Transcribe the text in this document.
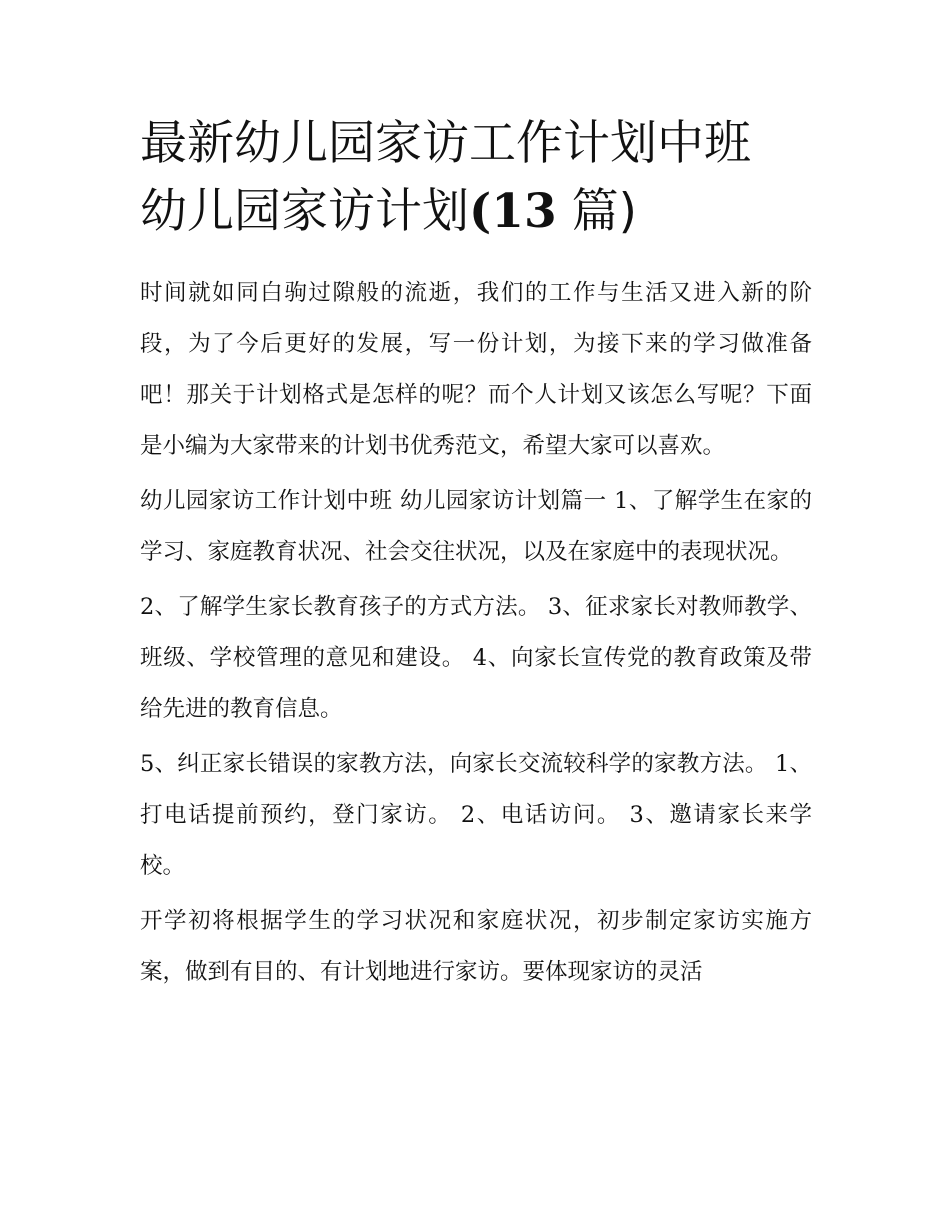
最新幼儿园家访工作计划中班
幼儿园家访计划(13 篇)

时间就如同白驹过隙般的流逝，我们的工作与生活又进入新的阶段，为了今后更好的发展，写一份计划，为接下来的学习做准备吧！那关于计划格式是怎样的呢？而个人计划又该怎么写呢？下面是小编为大家带来的计划书优秀范文，希望大家可以喜欢。

幼儿园家访工作计划中班 幼儿园家访计划篇一 1、了解学生在家的学习、家庭教育状况、社会交往状况，以及在家庭中的表现状况。

2、了解学生家长教育孩子的方式方法。 3、征求家长对教师教学、班级、学校管理的意见和建设。 4、向家长宣传党的教育政策及带给先进的教育信息。

5、纠正家长错误的家教方法，向家长交流较科学的家教方法。 1、打电话提前预约，登门家访。 2、电话访问。 3、邀请家长来学校。

开学初将根据学生的学习状况和家庭状况，初步制定家访实施方案，做到有目的、有计划地进行家访。要体现家访的灵活
